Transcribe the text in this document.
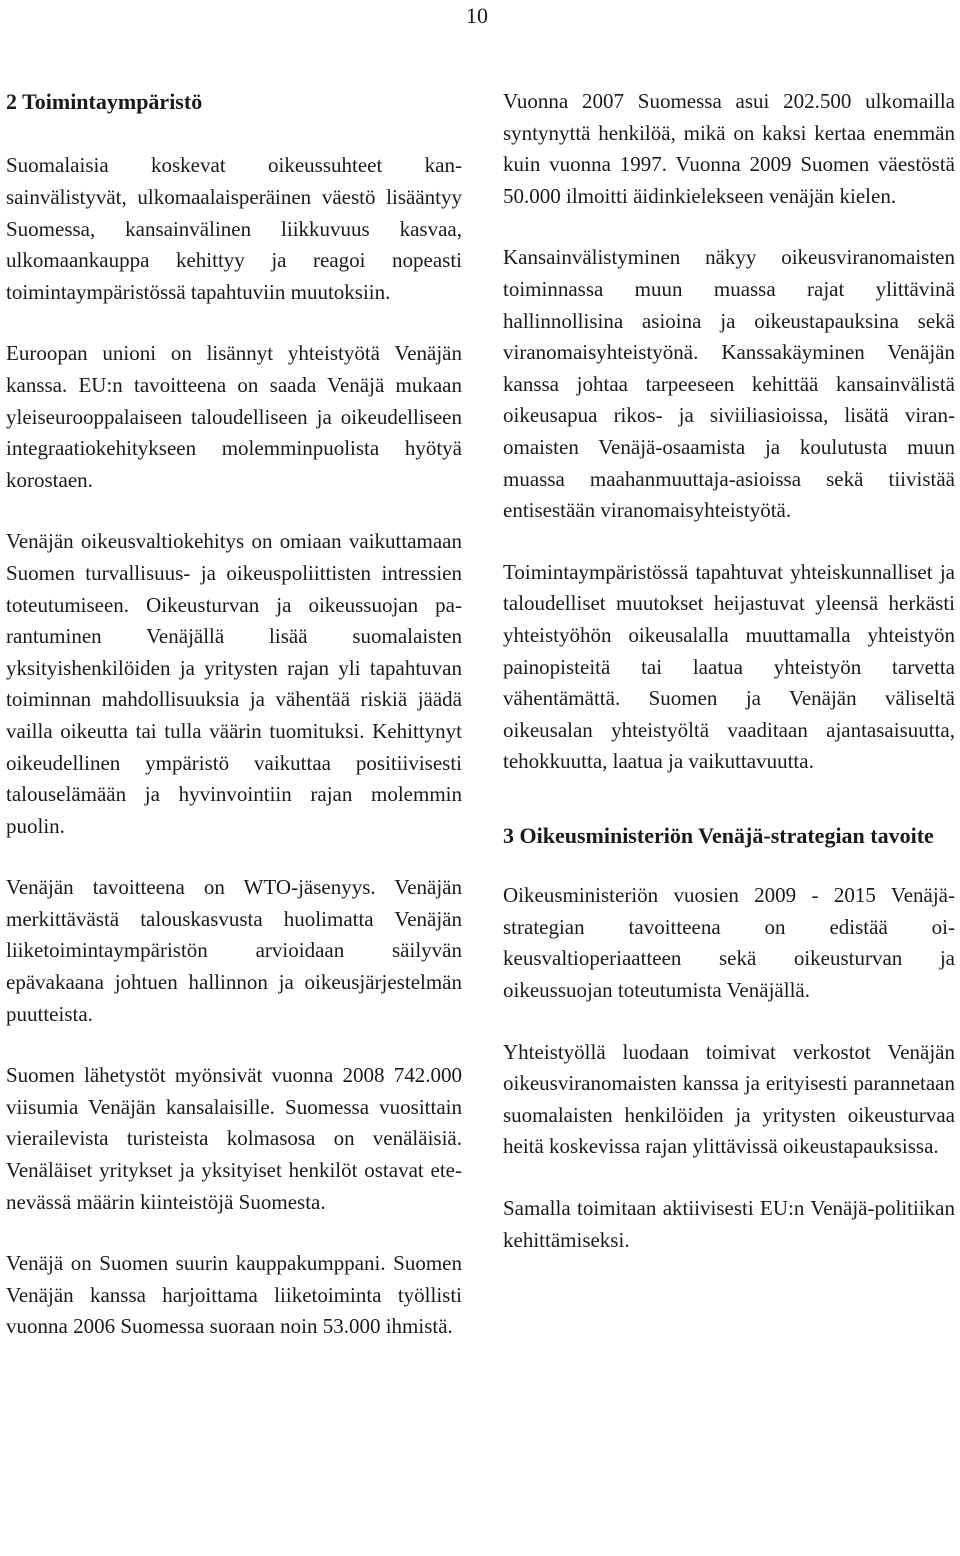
10
2 Toimintaympäristö

Suomalaisia koskevat oikeussuhteet kansainvälistyvät, ulkomaalaisperäinen väestö lisääntyy Suomessa, kansainvälinen liikkuvuus kasvaa, ulkomaankauppa kehittyy ja reagoi nopeasti toimintaympäristössä tapahtuviin muutoksiin.

Euroopan unioni on lisännyt yhteistyötä Venäjän kanssa. EU:n tavoitteena on saada Venäjä mukaan yleiseurooppalaiseen taloudelliseen ja oikeudelliseen integraatiokehitykseen molemminpuolista hyötyä korostaen.

Venäjän oikeusvaltiokehitys on omiaan vaikuttamaan Suomen turvallisuus- ja oikeuspoliittisten intressien toteutumiseen. Oikeusturvan ja oikeussuojan parantuminen Venäjällä lisää suomalaisten yksityishenkilöiden ja yritysten rajan yli tapahtuvan toiminnan mahdollisuuksia ja vähentää riskiä jäädä vailla oikeutta tai tulla väärin tuomituksi. Kehittynyt oikeudellinen ympäristö vaikuttaa positiivisesti talouselämään ja hyvinvointiin rajan molemmin puolin.

Venäjän tavoitteena on WTO-jäsenyys. Venäjän merkittävästä talouskasvusta huolimatta Venäjän liiketoimintaympäristön arvioidaan säilyvän epävakaana johtuen hallinnon ja oikeusjärjestelmän puutteista.

Suomen lähetystöt myönsivät vuonna 2008 742.000 viisumia Venäjän kansalaisille. Suomessa vuosittain vierailevista turisteista kolmasosa on venäläisiä. Venäläiset yritykset ja yksityiset henkilöt ostavat etenevässä määrin kiinteistöjä Suomesta.

Venäjä on Suomen suurin kauppakumppani. Suomen Venäjän kanssa harjoittama liiketoiminta työllisti vuonna 2006 Suomessa suoraan noin 53.000 ihmistä.

Vuonna 2007 Suomessa asui 202.500 ulkomailla syntynyttä henkilöä, mikä on kaksi kertaa enemmän kuin vuonna 1997. Vuonna 2009 Suomen väestöstä 50.000 ilmoitti äidinkielekseen venäjän kielen.

Kansainvälistyminen näkyy oikeusviranomaisten toiminnassa muun muassa rajat ylittävinä hallinnollisina asioina ja oikeustapauksina sekä viranomaisyhteistyönä. Kanssakäyminen Venäjän kanssa johtaa tarpeeseen kehittää kansainvälistä oikeusapua rikos- ja siviiliasioissa, lisätä viranomaisten Venäjä-osaamista ja koulutusta muun muassa maahanmuuttaja-asioissa sekä tiivistää entisestään viranomaisyhteistyötä.

Toimintaympäristössä tapahtuvat yhteiskunnalliset ja taloudelliset muutokset heijastuvat yleensä herkästi yhteistyöhön oikeusalalla muuttamalla yhteistyön painopisteitä tai laatua yhteistyön tarvetta vähentämättä. Suomen ja Venäjän väliseltä oikeusalan yhteistyöltä vaaditaan ajantasaisuutta, tehokkuutta, laatua ja vaikuttavuutta.

3 Oikeusministeriön Venäjä-strategian tavoite

Oikeusministeriön vuosien 2009 - 2015 Venäjä-strategian tavoitteena on edistää oikeusvaltioperiaatteen sekä oikeusturvan ja oikeussuojan toteutumista Venäjällä.

Yhteistyöllä luodaan toimivat verkostot Venäjän oikeusviranomaisten kanssa ja erityisesti parannetaan suomalaisten henkilöiden ja yritysten oikeusturvaa heitä koskevissa rajan ylittävissä oikeustapauksissa.

Samalla toimitaan aktiivisesti EU:n Venäjä-politiikan kehittämiseksi.
